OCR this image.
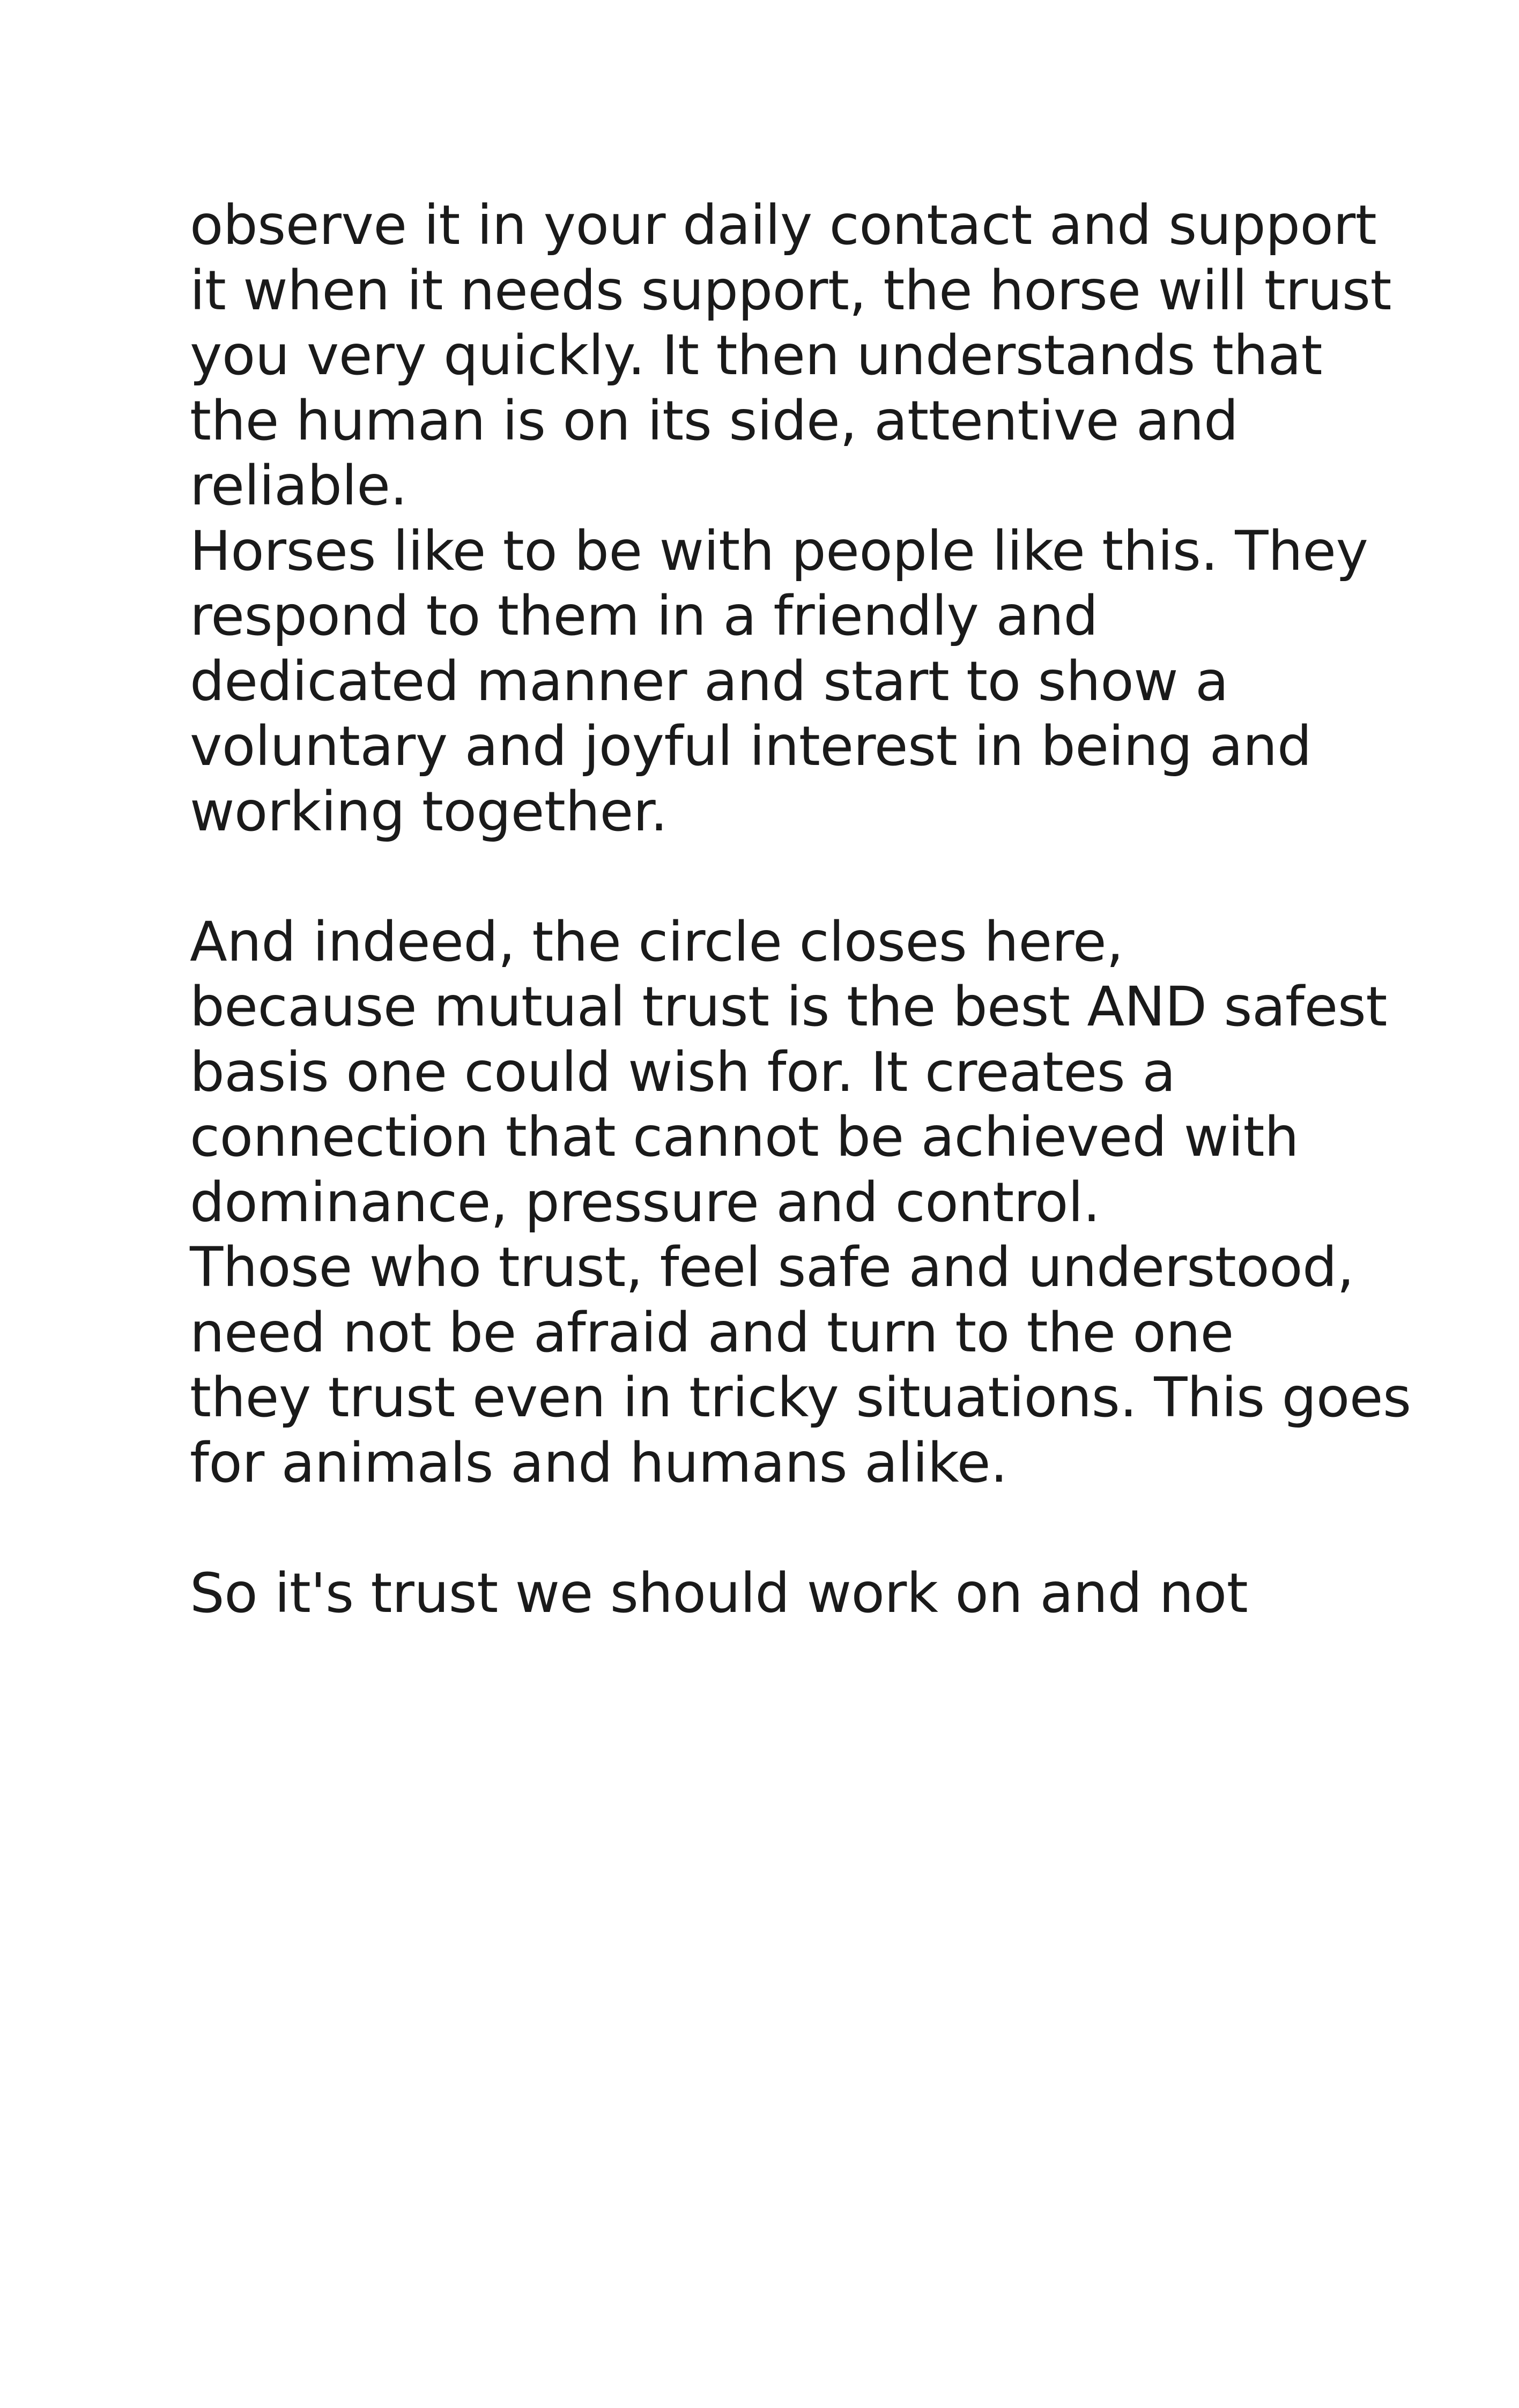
observe it in your daily contact and support
it when it needs support, the horse will trust
you very quickly. It then understands that
the human is on its side, attentive and
reliable.
Horses like to be with people like this. They
respond to them in a friendly and
dedicated manner and start to show a
voluntary and joyful interest in being and
working together.
And indeed, the circle closes here,
because mutual trust is the best AND safest
basis one could wish for. It creates a
connection that cannot be achieved with
dominance, pressure and control.
Those who trust, feel safe and understood,
need not be afraid and turn to the one
they trust even in tricky situations. This goes
for animals and humans alike.
So it's trust we should work on and not
